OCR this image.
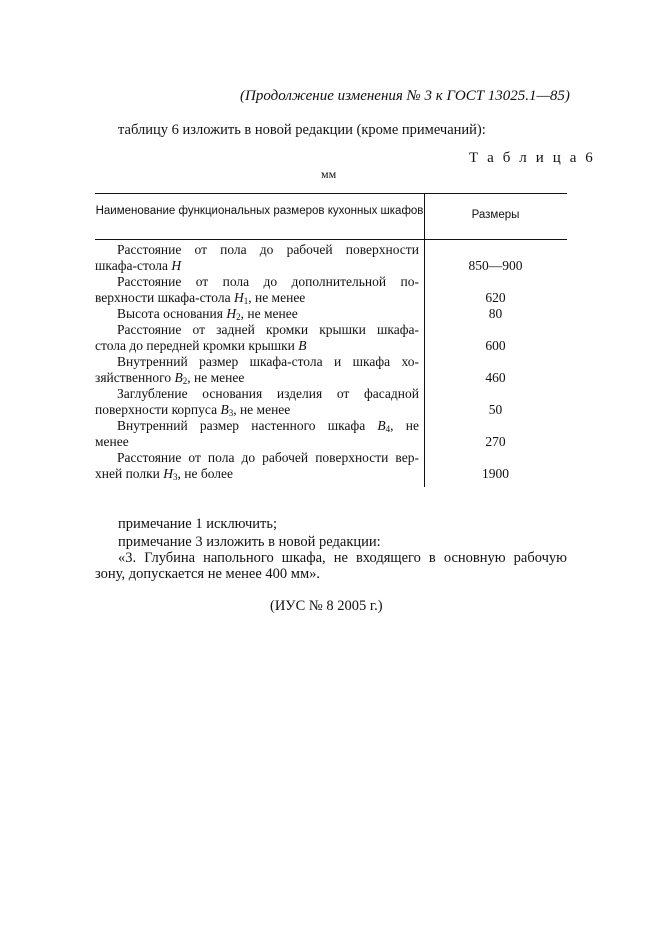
(Продолжение изменения № 3 к ГОСТ 13025.1—85)
таблицу 6 изложить в новой редакции (кроме примечаний):
Т а б л и ц а 6
мм
Наименование функциональных размеров кухонных шкафов	Размеры
Расстояние от пола до рабочей поверхности
шкафа-стола H	850—900
Расстояние от пола до дополнительной по-
верхности шкафа-стола $H_1$, не менее	620
Высота основания $H_2$, не менее	80
Расстояние от задней кромки крышки шкафа-
стола до передней кромки крышки B	600
Внутренний размер шкафа-стола и шкафа хо-
зяйственного $B_2$, не менее	460
Заглубление основания изделия от фасадной
поверхности корпуса $B_3$, не менее	50
Внутренний размер настенного шкафа $B_4$, не
менее	270
Расстояние от пола до рабочей поверхности вер-
хней полки $H_3$, не более	1900
примечание 1 исключить;
примечание 3 изложить в новой редакции:
«3. Глубина напольного шкафа, не входящего в основную рабочую
зону, допускается не менее 400 мм».
(ИУС № 8 2005 г.)
